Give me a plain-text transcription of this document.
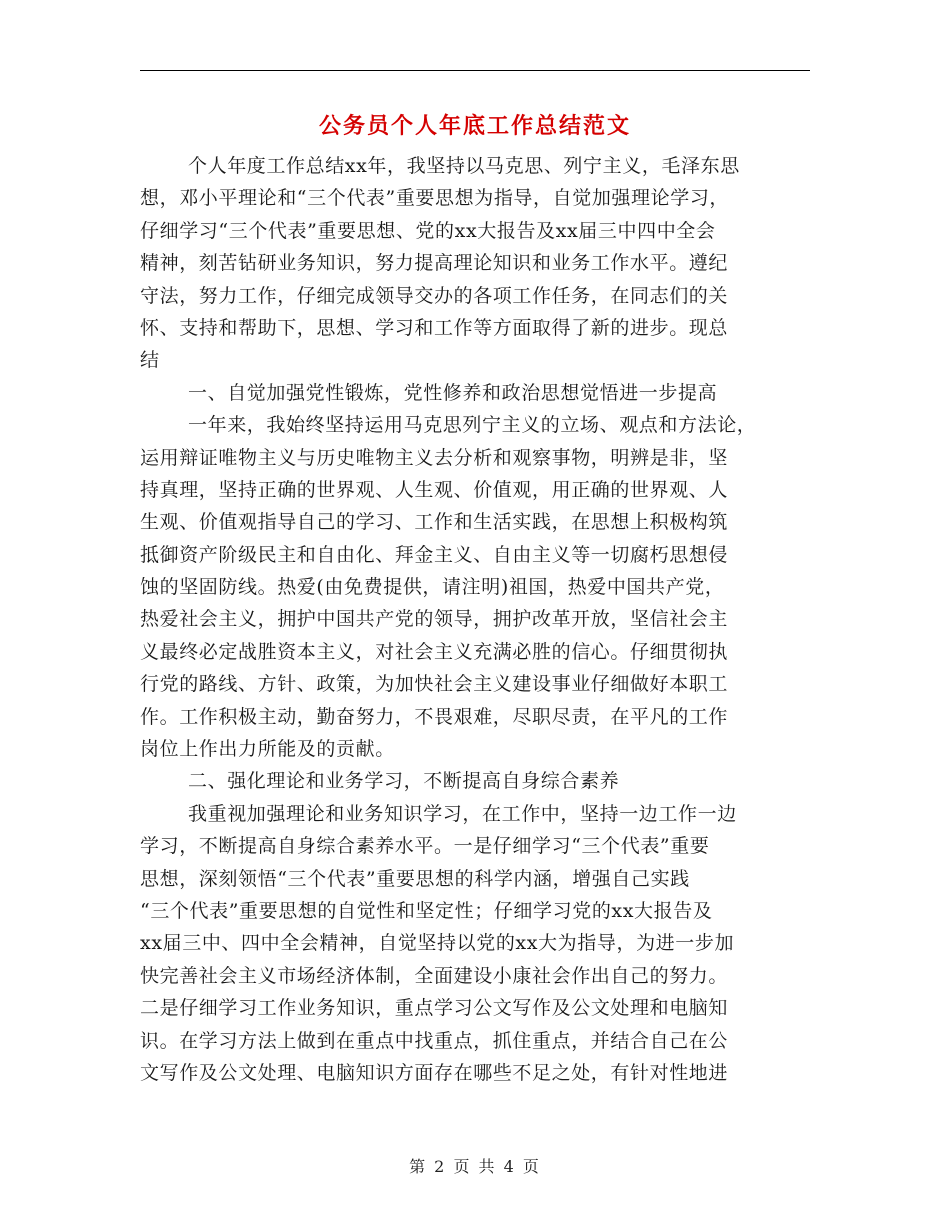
公务员个人年底工作总结范文
个人年度工作总结xx年，我坚持以马克思、列宁主义，毛泽东思
想，邓小平理论和“三个代表”重要思想为指导，自觉加强理论学习，
仔细学习“三个代表”重要思想、党的xx大报告及xx届三中四中全会
精神，刻苦钻研业务知识，努力提高理论知识和业务工作水平。遵纪
守法，努力工作，仔细完成领导交办的各项工作任务，在同志们的关
怀、支持和帮助下，思想、学习和工作等方面取得了新的进步。现总
结
一、自觉加强党性锻炼，党性修养和政治思想觉悟进一步提高
一年来，我始终坚持运用马克思列宁主义的立场、观点和方法论，
运用辩证唯物主义与历史唯物主义去分析和观察事物，明辨是非，坚
持真理，坚持正确的世界观、人生观、价值观，用正确的世界观、人
生观、价值观指导自己的学习、工作和生活实践，在思想上积极构筑
抵御资产阶级民主和自由化、拜金主义、自由主义等一切腐朽思想侵
蚀的坚固防线。热爱(由免费提供，请注明)祖国，热爱中国共产党，
热爱社会主义，拥护中国共产党的领导，拥护改革开放，坚信社会主
义最终必定战胜资本主义，对社会主义充满必胜的信心。仔细贯彻执
行党的路线、方针、政策，为加快社会主义建设事业仔细做好本职工
作。工作积极主动，勤奋努力，不畏艰难，尽职尽责，在平凡的工作
岗位上作出力所能及的贡献。
二、强化理论和业务学习，不断提高自身综合素养
我重视加强理论和业务知识学习，在工作中，坚持一边工作一边
学习，不断提高自身综合素养水平。一是仔细学习“三个代表”重要
思想，深刻领悟“三个代表”重要思想的科学内涵，增强自己实践
“三个代表”重要思想的自觉性和坚定性；仔细学习党的xx大报告及
xx届三中、四中全会精神，自觉坚持以党的xx大为指导，为进一步加
快完善社会主义市场经济体制，全面建设小康社会作出自己的努力。
二是仔细学习工作业务知识，重点学习公文写作及公文处理和电脑知
识。在学习方法上做到在重点中找重点，抓住重点，并结合自己在公
文写作及公文处理、电脑知识方面存在哪些不足之处，有针对性地进
第 2 页 共 4 页
